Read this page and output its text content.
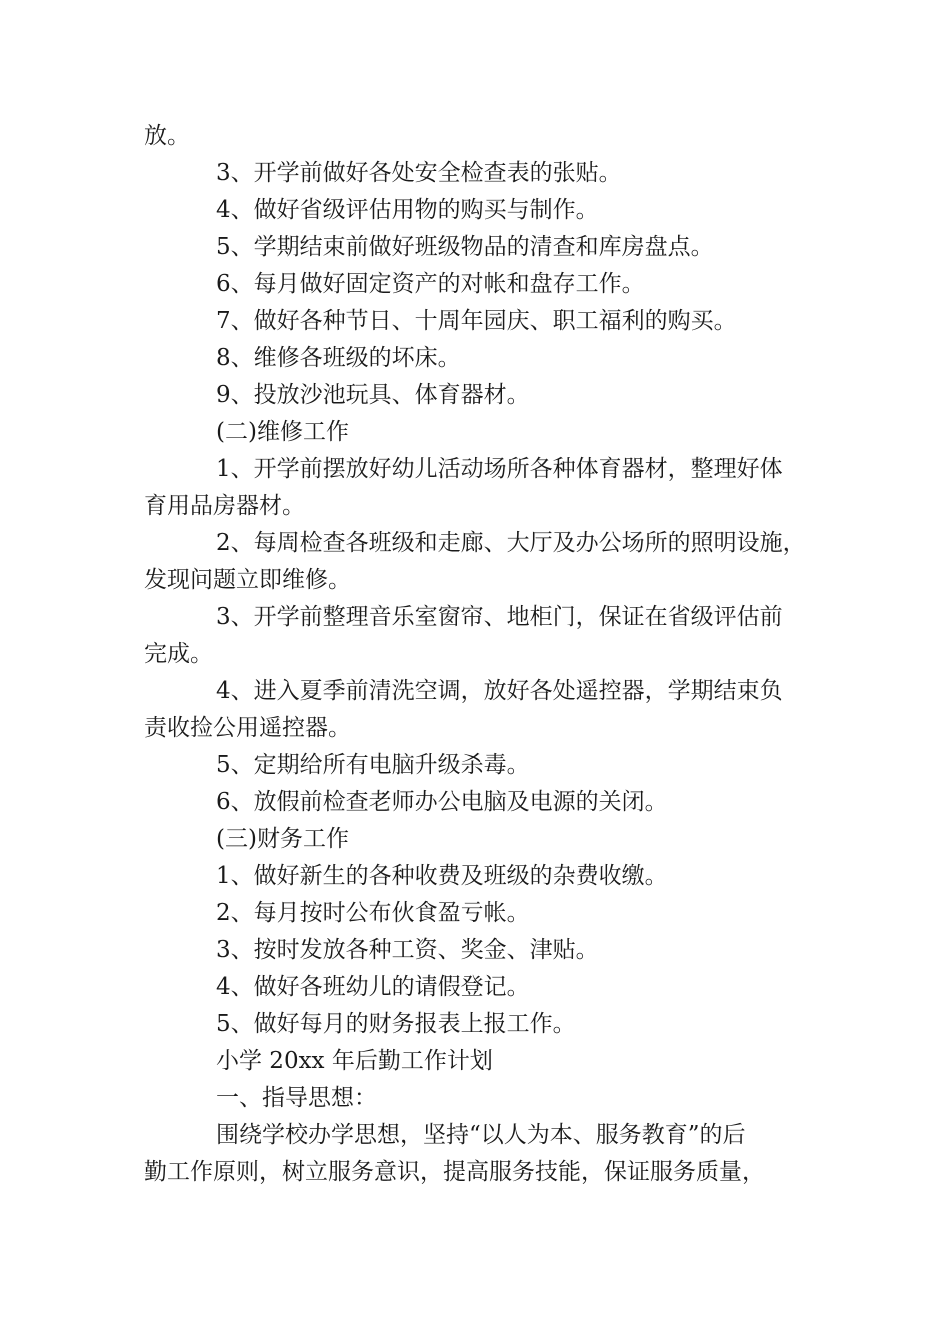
放。

3、开学前做好各处安全检查表的张贴。

4、做好省级评估用物的购买与制作。

5、学期结束前做好班级物品的清查和库房盘点。

6、每月做好固定资产的对帐和盘存工作。

7、做好各种节日、十周年园庆、职工福利的购买。

8、维修各班级的坏床。

9、投放沙池玩具、体育器材。

(二)维修工作

1、开学前摆放好幼儿活动场所各种体育器材，整理好体

育用品房器材。

2、每周检查各班级和走廊、大厅及办公场所的照明设施，

发现问题立即维修。

3、开学前整理音乐室窗帘、地柜门，保证在省级评估前

完成。

4、进入夏季前清洗空调，放好各处遥控器，学期结束负

责收捡公用遥控器。

5、定期给所有电脑升级杀毒。

6、放假前检查老师办公电脑及电源的关闭。

(三)财务工作

1、做好新生的各种收费及班级的杂费收缴。

2、每月按时公布伙食盈亏帐。

3、按时发放各种工资、奖金、津贴。

4、做好各班幼儿的请假登记。

5、做好每月的财务报表上报工作。

小学 20xx 年后勤工作计划

一、指导思想：

围绕学校办学思想，坚持“以人为本、服务教育”的后

勤工作原则，树立服务意识，提高服务技能，保证服务质量，
